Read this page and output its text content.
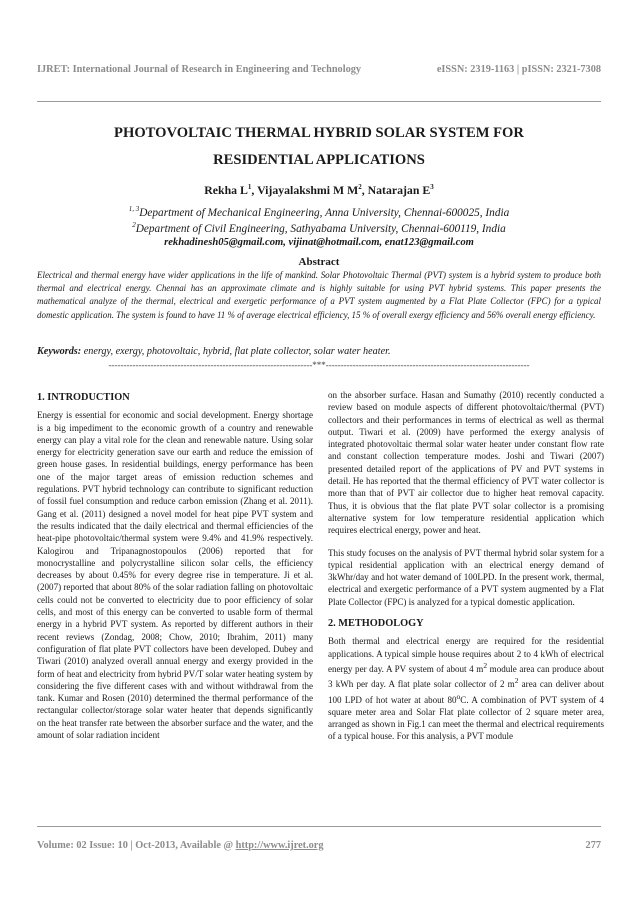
IJRET: International Journal of Research in Engineering and Technology	eISSN: 2319-1163 | pISSN: 2321-7308
PHOTOVOLTAIC THERMAL HYBRID SOLAR SYSTEM FOR
RESIDENTIAL APPLICATIONS
Rekha $L^1$, Vijayalakshmi M $M^2$, Natarajan $E^3$
$^{1, 3}$Department of Mechanical Engineering, Anna University, Chennai-600025, India
$^2$Department of Civil Engineering, Sathyabama University, Chennai-600119, India
rekhadinesh05@gmail.com, vijinat@hotmail.com, enat123@gmail.com
Abstract
Electrical and thermal energy have wider applications in the life of mankind. Solar Photovoltaic Thermal (PVT) system is a hybrid system to produce both thermal and electrical energy. Chennai has an approximate climate and is highly suitable for using PVT hybrid systems. This paper presents the mathematical analyze of the thermal, electrical and exergetic performance of a PVT system augmented by a Flat Plate Collector (FPC) for a typical domestic application. The system is found to have 11 % of average electrical efficiency, 15 % of overall exergy efficiency and 56% overall energy efficiency.
Keywords: energy, exergy, photovoltaic, hybrid, flat plate collector, solar water heater.
--------------------------------------------------------------------***--------------------------------------------------------------------
1. INTRODUCTION

Energy is essential for economic and social development. Energy shortage is a big impediment to the economic growth of a country and renewable energy can play a vital role for the clean and renewable nature. Using solar energy for electricity generation save our earth and reduce the emission of green house gases. In residential buildings, energy performance has been one of the major target areas of emission reduction schemes and regulations. PVT hybrid technology can contribute to significant reduction of fossil fuel consumption and reduce carbon emission (Zhang et al. 2011). Gang et al. (2011) designed a novel model for heat pipe PVT system and the results indicated that the daily electrical and thermal efficiencies of the heat-pipe photovoltaic/thermal system were 9.4% and 41.9% respectively. Kalogirou and Tripanagnostopoulos (2006) reported that for monocrystalline and polycrystalline silicon solar cells, the efficiency decreases by about 0.45% for every degree rise in temperature. Ji et al. (2007) reported that about 80% of the solar radiation falling on photovoltaic cells could not be converted to electricity due to poor efficiency of solar cells, and most of this energy can be converted to usable form of thermal energy in a hybrid PVT system. As reported by different authors in their recent reviews (Zondag, 2008; Chow, 2010; Ibrahim, 2011) many configuration of flat plate PVT collectors have been developed. Dubey and Tiwari (2010) analyzed overall annual energy and exergy provided in the form of heat and electricity from hybrid PV/T solar water heating system by considering the five different cases with and without withdrawal from the tank. Kumar and Rosen (2010) determined the thermal performance of the rectangular collector/storage solar water heater that depends significantly on the heat transfer rate between the absorber surface and the water, and the amount of solar radiation incident

on the absorber surface. Hasan and Sumathy (2010) recently conducted a review based on module aspects of different photovoltaic/thermal (PVT) collectors and their performances in terms of electrical as well as thermal output. Tiwari et al. (2009) have performed the exergy analysis of integrated photovoltaic thermal solar water heater under constant flow rate and constant collection temperature modes. Joshi and Tiwari (2007) presented detailed report of the applications of PV and PVT systems in detail. He has reported that the thermal efficiency of PVT water collector is more than that of PVT air collector due to higher heat removal capacity. Thus, it is obvious that the flat plate PVT solar collector is a promising alternative system for low temperature residential application which requires electrical energy, power and heat.

This study focuses on the analysis of PVT thermal hybrid solar system for a typical residential application with an electrical energy demand of 3kWhr/day and hot water demand of 100LPD. In the present work, thermal, electrical and exergetic performance of a PVT system augmented by a Flat Plate Collector (FPC) is analyzed for a typical domestic application.

2. METHODOLOGY

Both thermal and electrical energy are required for the residential applications. A typical simple house requires about 2 to 4 kWh of electrical energy per day. A PV system of about 4 $m^2$ module area can produce about 3 kWh per day. A flat plate solar collector of 2 $m^2$ area can deliver about 100 LPD of hot water at about 80$^o$C. A combination of PVT system of 4 square meter area and Solar Flat plate collector of 2 square meter area, arranged as shown in Fig.1 can meet the thermal and electrical requirements of a typical house. For this analysis, a PVT module

Volume: 02 Issue: 10 | Oct-2013, Available @ http://www.ijret.org	277
